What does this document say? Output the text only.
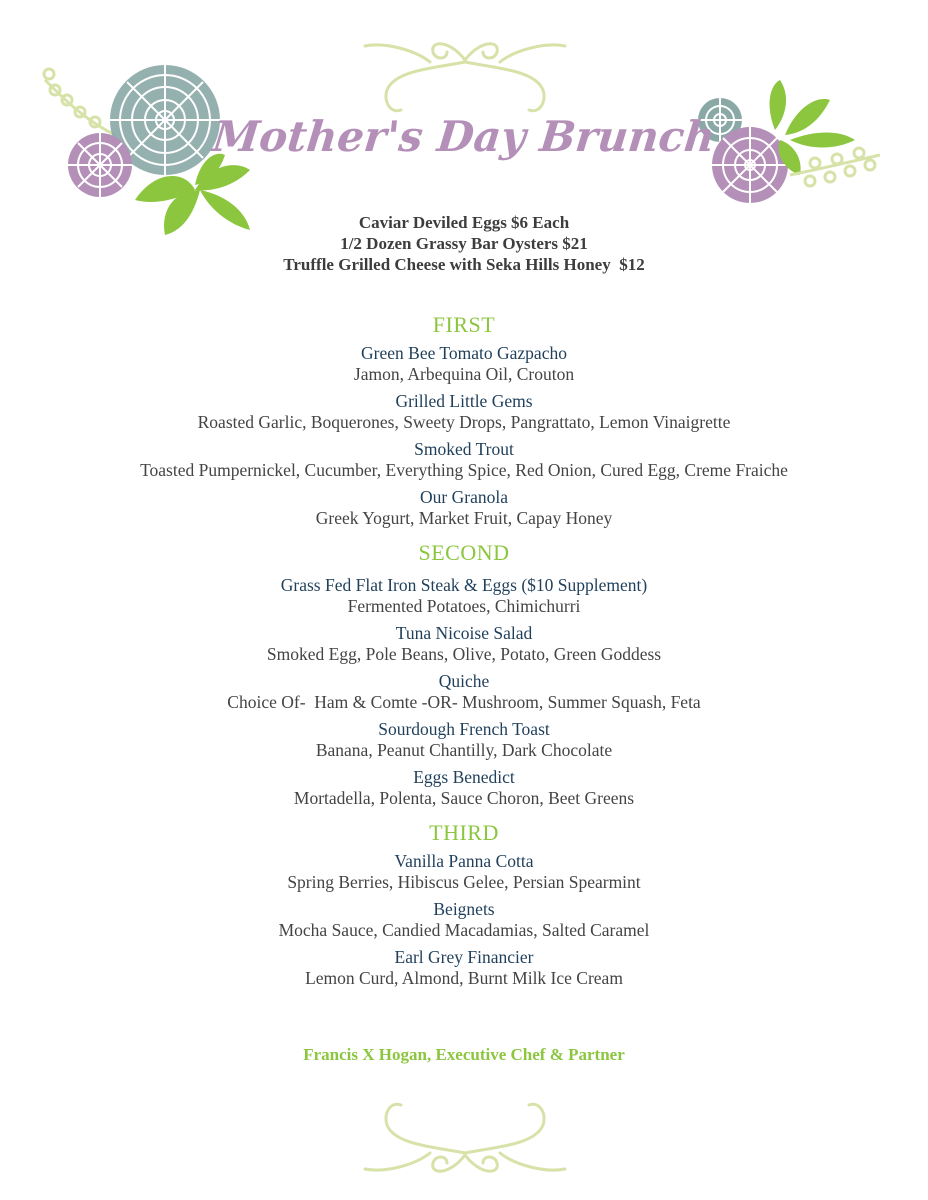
Mother's Day Brunch
Caviar Deviled Eggs $6 Each
1/2 Dozen Grassy Bar Oysters $21
Truffle Grilled Cheese with Seka Hills Honey  $12
FIRST
Green Bee Tomato Gazpacho
Jamon, Arbequina Oil, Crouton
Grilled Little Gems
Roasted Garlic, Boquerones, Sweety Drops, Pangrattato, Lemon Vinaigrette
Smoked Trout
Toasted Pumpernickel, Cucumber, Everything Spice, Red Onion, Cured Egg, Creme Fraiche
Our Granola
Greek Yogurt, Market Fruit, Capay Honey
SECOND
Grass Fed Flat Iron Steak & Eggs ($10 Supplement)
Fermented Potatoes, Chimichurri
Tuna Nicoise Salad
Smoked Egg, Pole Beans, Olive, Potato, Green Goddess
Quiche
Choice Of-  Ham & Comte -OR- Mushroom, Summer Squash, Feta
Sourdough French Toast
Banana, Peanut Chantilly, Dark Chocolate
Eggs Benedict
Mortadella, Polenta, Sauce Choron, Beet Greens
THIRD
Vanilla Panna Cotta
Spring Berries, Hibiscus Gelee, Persian Spearmint
Beignets
Mocha Sauce, Candied Macadamias, Salted Caramel
Earl Grey Financier
Lemon Curd, Almond, Burnt Milk Ice Cream
Francis X Hogan, Executive Chef & Partner
